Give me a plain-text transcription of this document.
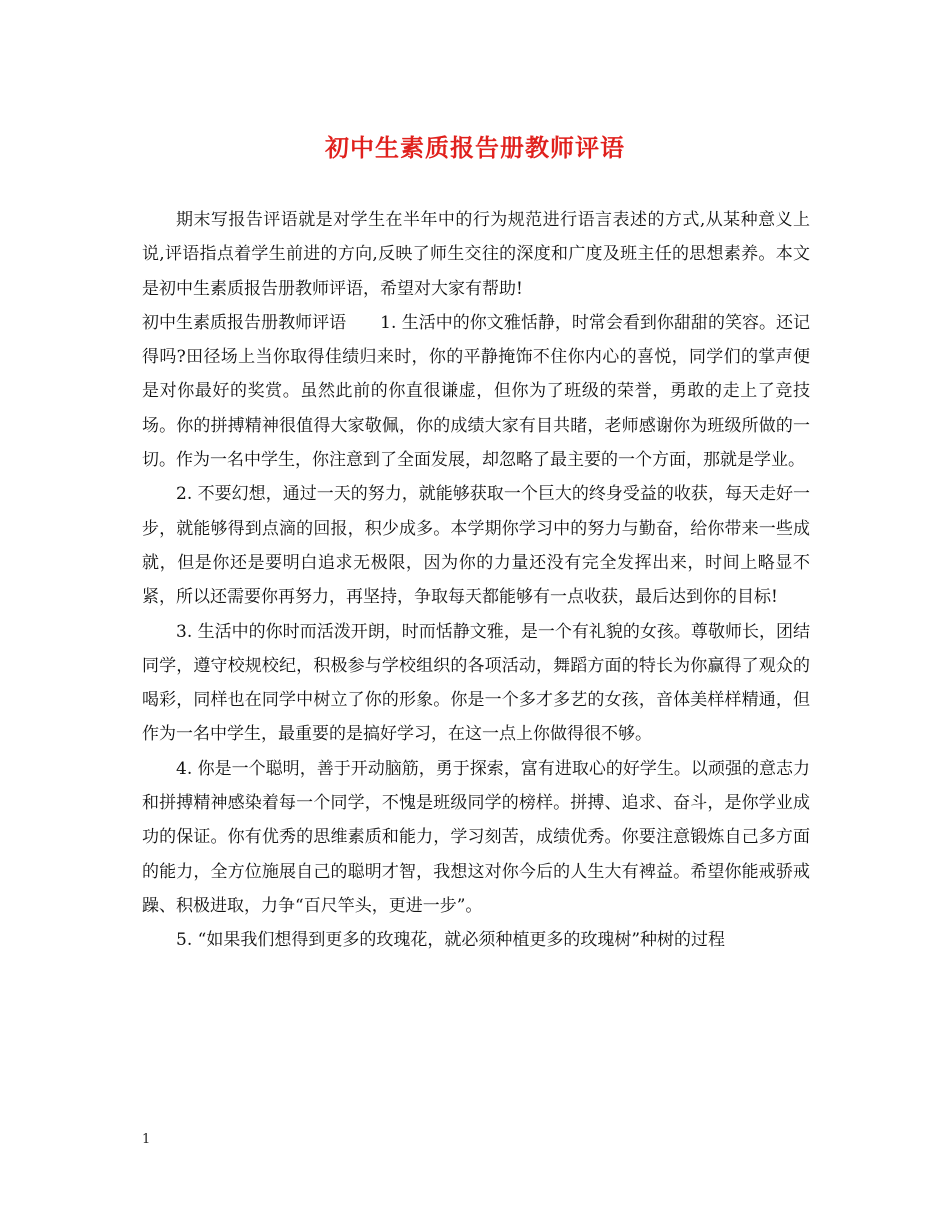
初中生素质报告册教师评语

期末写报告评语就是对学生在半年中的行为规范进行语言表述的方式,从某种意义上说,评语指点着学生前进的方向,反映了师生交往的深度和广度及班主任的思想素养。本文是初中生素质报告册教师评语，希望对大家有帮助!

初中生素质报告册教师评语   1. 生活中的你文雅恬静，时常会看到你甜甜的笑容。还记得吗?田径场上当你取得佳绩归来时，你的平静掩饰不住你内心的喜悦，同学们的掌声便是对你最好的奖赏。虽然此前的你直很谦虚，但你为了班级的荣誉，勇敢的走上了竞技场。你的拼搏精神很值得大家敬佩，你的成绩大家有目共睹，老师感谢你为班级所做的一切。作为一名中学生，你注意到了全面发展，却忽略了最主要的一个方面，那就是学业。

2. 不要幻想，通过一天的努力，就能够获取一个巨大的终身受益的收获，每天走好一步，就能够得到点滴的回报，积少成多。本学期你学习中的努力与勤奋，给你带来一些成就，但是你还是要明白追求无极限，因为你的力量还没有完全发挥出来，时间上略显不紧，所以还需要你再努力，再坚持，争取每天都能够有一点收获，最后达到你的目标!

3. 生活中的你时而活泼开朗，时而恬静文雅，是一个有礼貌的女孩。尊敬师长，团结同学，遵守校规校纪，积极参与学校组织的各项活动，舞蹈方面的特长为你赢得了观众的喝彩，同样也在同学中树立了你的形象。你是一个多才多艺的女孩，音体美样样精通，但作为一名中学生，最重要的是搞好学习，在这一点上你做得很不够。

4. 你是一个聪明，善于开动脑筋，勇于探索，富有进取心的好学生。以顽强的意志力和拼搏精神感染着每一个同学，不愧是班级同学的榜样。拼搏、追求、奋斗，是你学业成功的保证。你有优秀的思维素质和能力，学习刻苦，成绩优秀。你要注意锻炼自己多方面的能力，全方位施展自己的聪明才智，我想这对你今后的人生大有裨益。希望你能戒骄戒躁、积极进取，力争“百尺竿头，更进一步”。

5. “如果我们想得到更多的玫瑰花，就必须种植更多的玫瑰树”种树的过程

1
